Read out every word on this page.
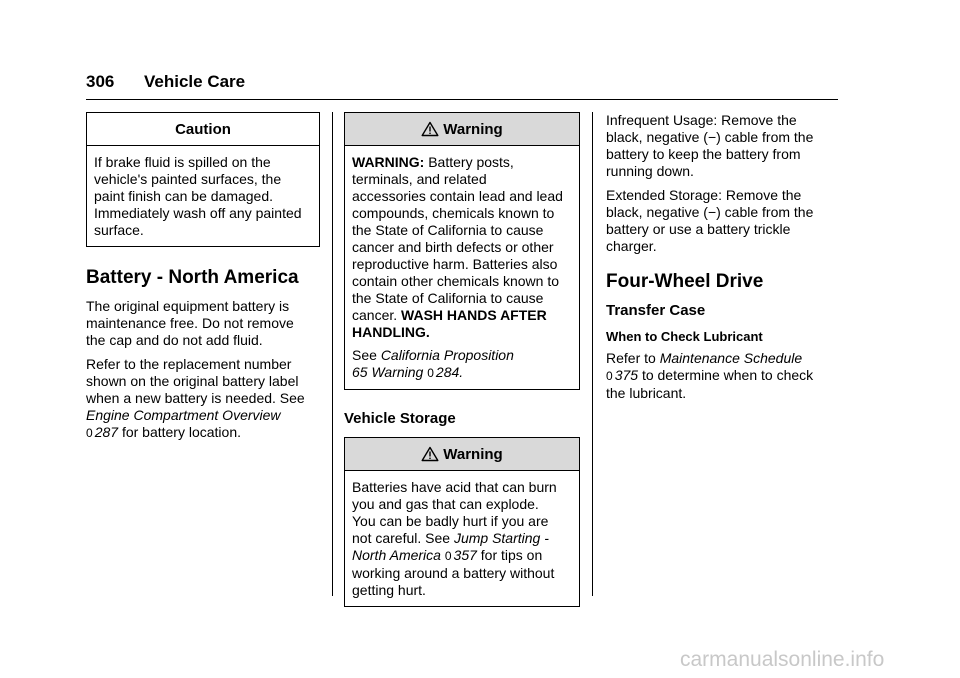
306 Vehicle Care
Caution
If brake fluid is spilled on the
vehicle's painted surfaces, the
paint finish can be damaged.
Immediately wash off any painted
surface.
Battery - North America

The original equipment battery is
maintenance free. Do not remove
the cap and do not add fluid.

Refer to the replacement number
shown on the original battery label
when a new battery is needed. See
Engine Compartment Overview
0 287 for battery location.

Warning

WARNING: Battery posts,
terminals, and related
accessories contain lead and lead
compounds, chemicals known to
the State of California to cause
cancer and birth defects or other
reproductive harm. Batteries also
contain other chemicals known to
the State of California to cause
cancer. WASH HANDS AFTER
HANDLING.

See California Proposition
65 Warning 0 284.

Vehicle Storage
Warning
Batteries have acid that can burn
you and gas that can explode.
You can be badly hurt if you are
not careful. See Jump Starting -
North America 0 357 for tips on
working around a battery without
getting hurt.

Infrequent Usage: Remove the
black, negative (−) cable from the
battery to keep the battery from
running down.

Extended Storage: Remove the
black, negative (−) cable from the
battery or use a battery trickle
charger.

Four-Wheel Drive
Transfer Case
When to Check Lubricant

Refer to Maintenance Schedule
0 375 to determine when to check
the lubricant.

carmanualsonline.info
